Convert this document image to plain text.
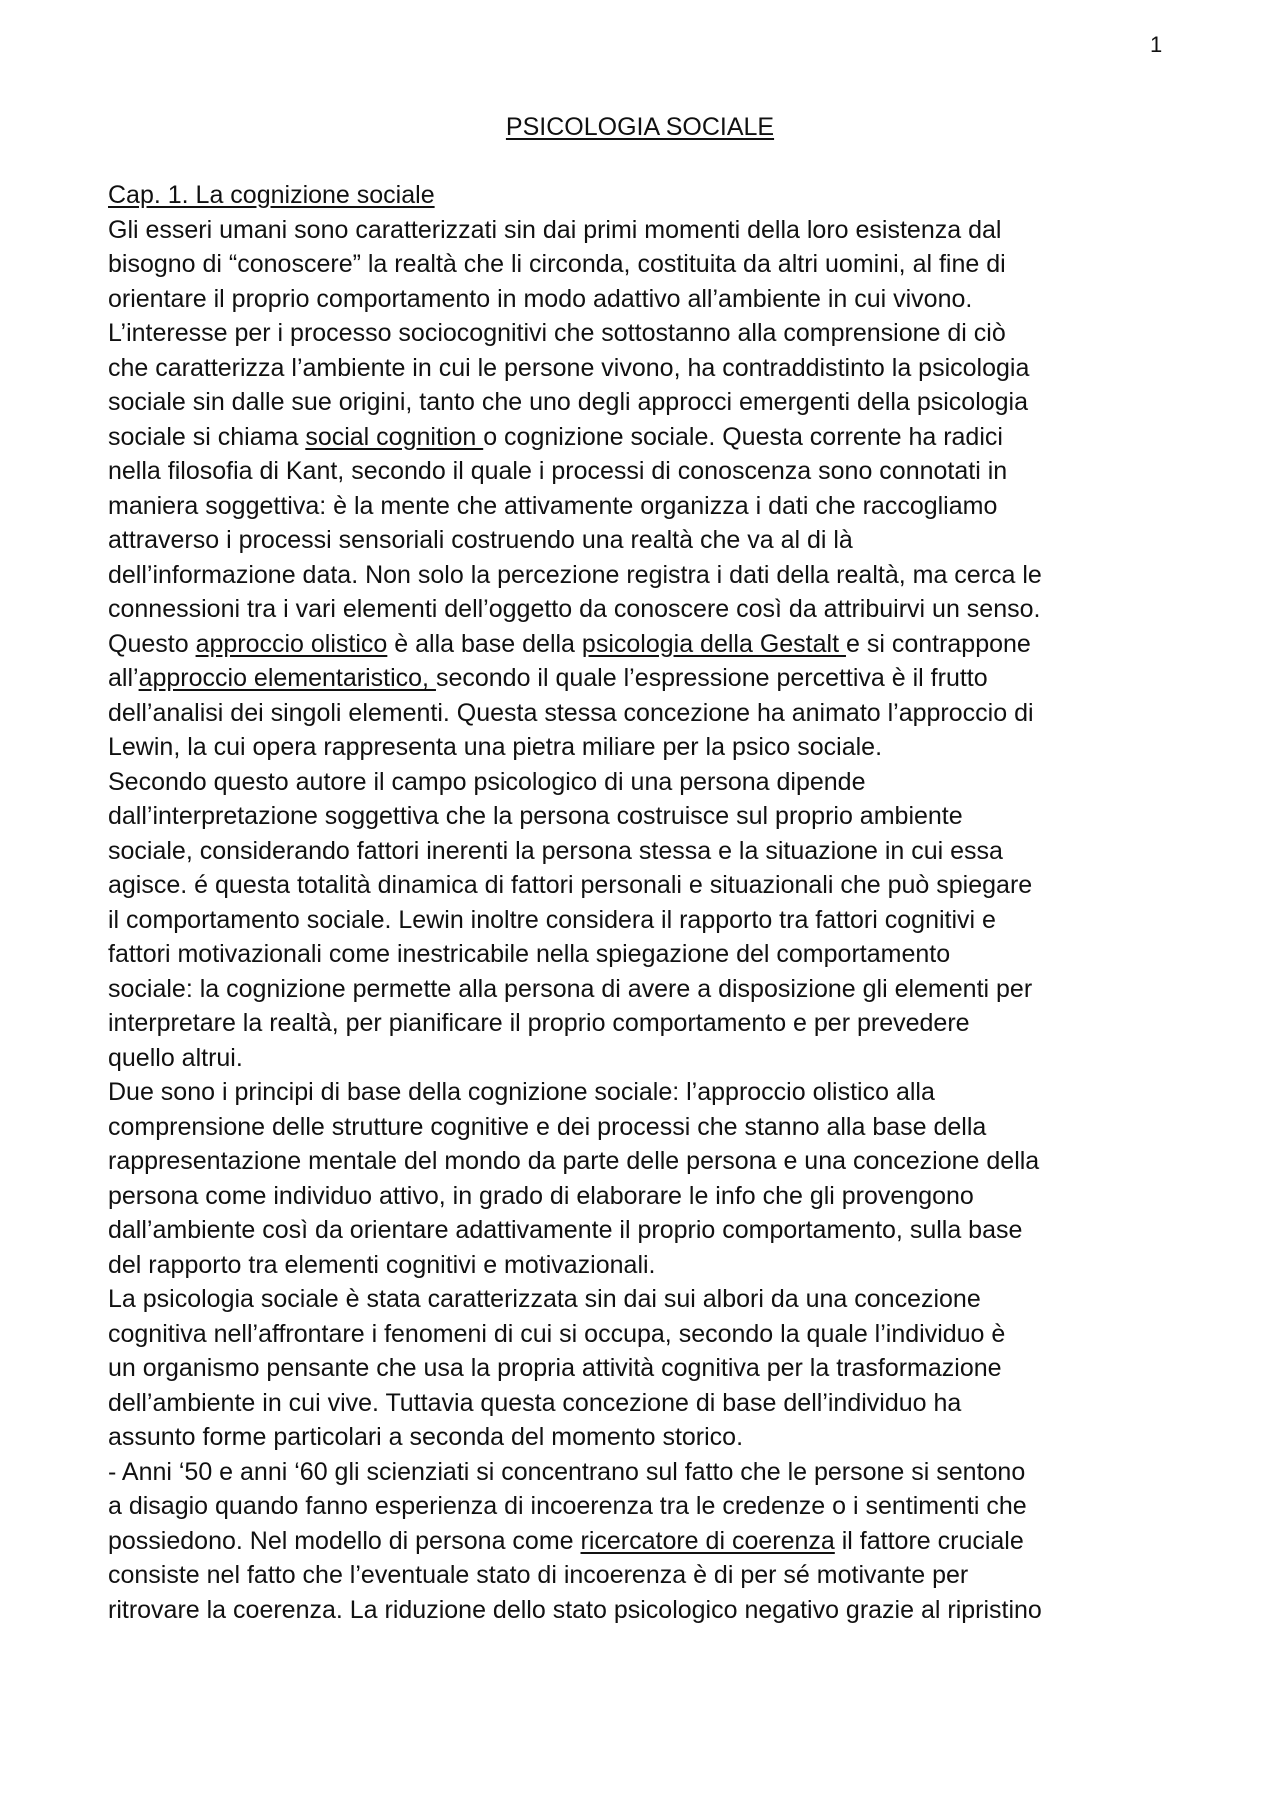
1
PSICOLOGIA SOCIALE
Cap. 1. La cognizione sociale
Gli esseri umani sono caratterizzati sin dai primi momenti della loro esistenza dal
bisogno di “conoscere” la realtà che li circonda, costituita da altri uomini, al fine di
orientare il proprio comportamento in modo adattivo all’ambiente in cui vivono.
L’interesse per i processo sociocognitivi che sottostanno alla comprensione di ciò
che caratterizza l’ambiente in cui le persone vivono, ha contraddistinto la psicologia
sociale sin dalle sue origini, tanto che uno degli approcci emergenti della psicologia
sociale si chiama social cognition o cognizione sociale. Questa corrente ha radici
nella filosofia di Kant, secondo il quale i processi di conoscenza sono connotati in
maniera soggettiva: è la mente che attivamente organizza i dati che raccogliamo
attraverso i processi sensoriali costruendo una realtà che va al di là
dell’informazione data. Non solo la percezione registra i dati della realtà, ma cerca le
connessioni tra i vari elementi dell’oggetto da conoscere così da attribuirvi un senso.
Questo approccio olistico è alla base della psicologia della Gestalt e si contrappone
all’approccio elementaristico, secondo il quale l’espressione percettiva è il frutto
dell’analisi dei singoli elementi. Questa stessa concezione ha animato l’approccio di
Lewin, la cui opera rappresenta una pietra miliare per la psico sociale.
Secondo questo autore il campo psicologico di una persona dipende
dall’interpretazione soggettiva che la persona costruisce sul proprio ambiente
sociale, considerando fattori inerenti la persona stessa e la situazione in cui essa
agisce. é questa totalità dinamica di fattori personali e situazionali che può spiegare
il comportamento sociale. Lewin inoltre considera il rapporto tra fattori cognitivi e
fattori motivazionali come inestricabile nella spiegazione del comportamento
sociale: la cognizione permette alla persona di avere a disposizione gli elementi per
interpretare la realtà, per pianificare il proprio comportamento e per prevedere
quello altrui.
Due sono i principi di base della cognizione sociale: l’approccio olistico alla
comprensione delle strutture cognitive e dei processi che stanno alla base della
rappresentazione mentale del mondo da parte delle persona e una concezione della
persona come individuo attivo, in grado di elaborare le info che gli provengono
dall’ambiente così da orientare adattivamente il proprio comportamento, sulla base
del rapporto tra elementi cognitivi e motivazionali.
La psicologia sociale è stata caratterizzata sin dai sui albori da una concezione
cognitiva nell’affrontare i fenomeni di cui si occupa, secondo la quale l’individuo è
un organismo pensante che usa la propria attività cognitiva per la trasformazione
dell’ambiente in cui vive. Tuttavia questa concezione di base dell’individuo ha
assunto forme particolari a seconda del momento storico.
- Anni ‘50 e anni ‘60 gli scienziati si concentrano sul fatto che le persone si sentono
a disagio quando fanno esperienza di incoerenza tra le credenze o i sentimenti che
possiedono. Nel modello di persona come ricercatore di coerenza il fattore cruciale
consiste nel fatto che l’eventuale stato di incoerenza è di per sé motivante per
ritrovare la coerenza. La riduzione dello stato psicologico negativo grazie al ripristino
